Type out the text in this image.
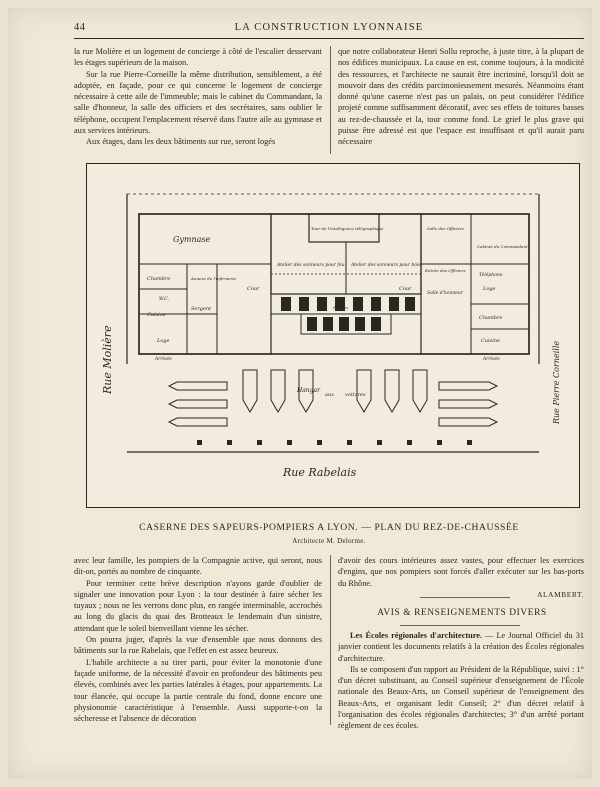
44	LA CONSTRUCTION LYONNAISE

la rue Molière et un logement de concierge à côté de l'escalier desservant les étages supérieurs de la maison.

Sur la rue Pierre-Corneille la même distribution, sensiblement, a été adoptée, en façade, pour ce qui concerne le logement de concierge nécessaire à cette aile de l'immeuble; mais le cabinet du Commandant, la salle d'honneur, la salle des officiers et des secrétaires, sans oublier le téléphone, occupent l'emplacement réservé dans l'autre aile au gymnase et aux services intérieurs.

Aux étages, dans les deux bâtiments sur rue, seront logés

que notre collaborateur Henri Sollu reproche, à juste titre, à la plupart de nos édifices municipaux. La cause en est, comme toujours, à la modicité des ressources, et l'architecte ne saurait être incriminé, lorsqu'il doit se mouvoir dans des crédits parcimonieusement mesurés. Néanmoins étant donné qu'une caserne n'est pas un palais, on peut considérer l'édifice projeté comme suffisamment décoratif, avec ses effets de toitures basses au rez-de-chaussée et la, tour comme fond. Le grief le plus grave qui puisse être adressé est que l'espace est insuffisant et qu'il aurait paru nécessaire

Gymnase
Chambre
W.C.
Cuisine
Loge
Arrivée
Sergent
Annexe de l'infirmerie
Tour de l'intelligence télégraphique
Atelier des sonneurs pour feu Atelier des sonneurs pour bois
Cour	Cour
Écuries
Salle des Officiers
Cabinet du Commandant
Entrée des Officiers
Salle d'honneur
Téléphone
Loge
Chambre
Cuisine
Arrivée
Rue Molière	Rue Pierre Corneille
Rue Rabelais
Hangar
aux voitures
CASERNE DES SAPEURS-POMPIERS A LYON. — PLAN DU REZ-DE-CHAUSSÉE
Architecte M. Delorme.

avec leur famille, les pompiers de la Compagnie active, qui seront, nous dit-on, portés au nombre de cinquante.

Pour terminer cette brève description n'ayons garde d'oublier de signaler une innovation pour Lyon : la tour destinée à faire sécher les tuyaux ; nous ne les verrons donc plus, en rangée interminable, accrochés au long du glacis du quai des Brotteaux le lendemain d'un sinistre, attendant que le soleil bienveillant vienne les sécher.

On pourra juger, d'après la vue d'ensemble que nous donnons des bâtiments sur la rue Rabelais, que l'effet en est assez heureux.

L'habile architecte a su tirer parti, pour éviter la monotonie d'une façade uniforme, de la nécessité d'avoir en profondeur des bâtiments peu élevés, combinés avec les parties latérales à étages, pour appartements. La tour élancée, qui occupe la partie centrale du fond, donne encore une physionomie caractéristique à l'ensemble. Aussi supporte-t-on la sécheresse et l'absence de décoration

d'avoir des cours intérieures assez vastes, pour effectuer les exercices d'engins, que nos pompiers sont forcés d'aller exécuter sur les bas-ports du Rhône.

ALAMBERT.
AVIS & RENSEIGNEMENTS DIVERS

Les Écoles régionales d'architecture. — Le Journal Officiel du 31 janvier contient les documents relatifs à la création des Écoles régionales d'architecture.

Ils se composent d'un rapport au Président de la République, suivi : 1° d'un décret substituant, au Conseil supérieur d'enseignement de l'École nationale des Beaux-Arts, un Conseil supérieur de l'enseignement des Beaux-Arts, et organisant ledit Conseil; 2° d'un décret relatif à l'organisation des écoles régionales d'architectes; 3° d'un arrêté portant règlement de ces écoles.
